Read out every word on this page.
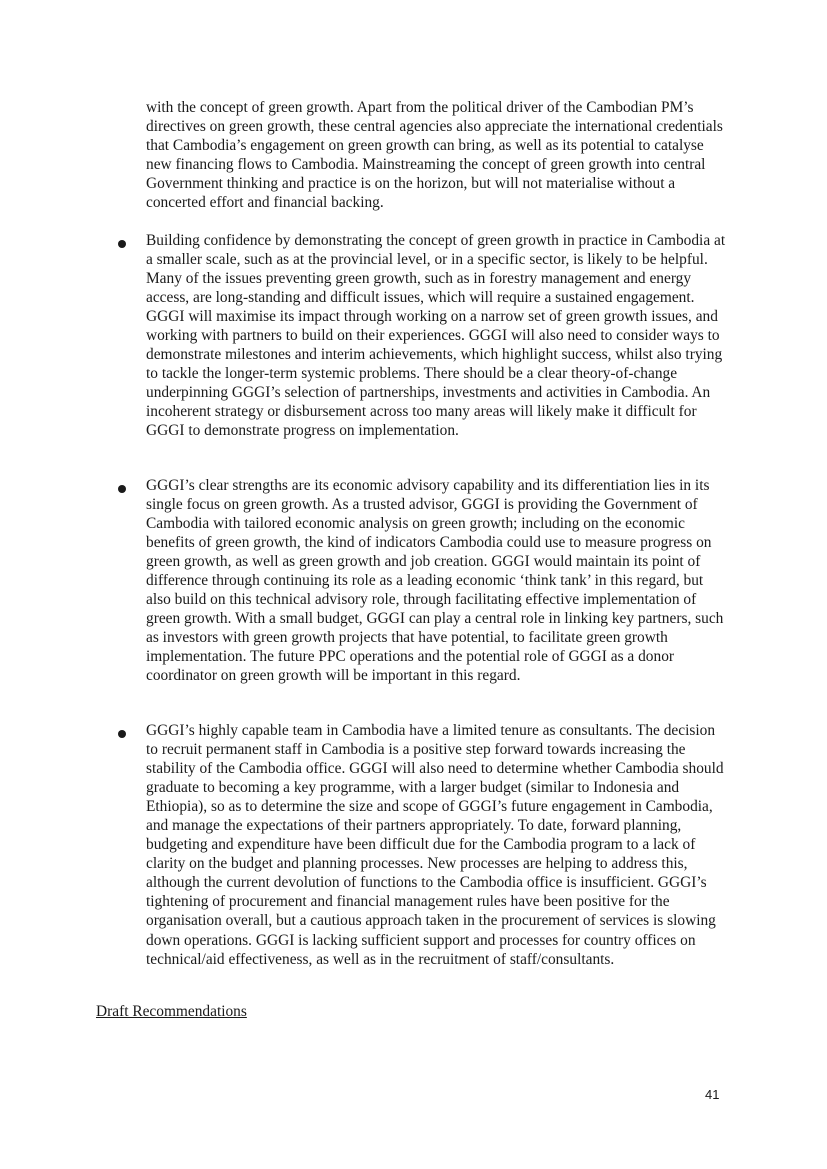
with the concept of green growth. Apart from the political driver of the Cambodian PM’s directives on green growth, these central agencies also appreciate the international credentials that Cambodia’s engagement on green growth can bring, as well as its potential to catalyse new financing flows to Cambodia. Mainstreaming the concept of green growth into central Government thinking and practice is on the horizon, but will not materialise without a concerted effort and financial backing.

Building confidence by demonstrating the concept of green growth in practice in Cambodia at a smaller scale, such as at the provincial level, or in a specific sector, is likely to be helpful. Many of the issues preventing green growth, such as in forestry management and energy access, are long-standing and difficult issues, which will require a sustained engagement. GGGI will maximise its impact through working on a narrow set of green growth issues, and working with partners to build on their experiences. GGGI will also need to consider ways to demonstrate milestones and interim achievements, which highlight success, whilst also trying to tackle the longer-term systemic problems. There should be a clear theory-of-change underpinning GGGI’s selection of partnerships, investments and activities in Cambodia. An incoherent strategy or disbursement across too many areas will likely make it difficult for GGGI to demonstrate progress on implementation.

GGGI’s clear strengths are its economic advisory capability and its differentiation lies in its single focus on green growth. As a trusted advisor, GGGI is providing the Government of Cambodia with tailored economic analysis on green growth; including on the economic benefits of green growth, the kind of indicators Cambodia could use to measure progress on green growth, as well as green growth and job creation. GGGI would maintain its point of difference through continuing its role as a leading economic ‘think tank’ in this regard, but also build on this technical advisory role, through facilitating effective implementation of green growth. With a small budget, GGGI can play a central role in linking key partners, such as investors with green growth projects that have potential, to facilitate green growth implementation. The future PPC operations and the potential role of GGGI as a donor coordinator on green growth will be important in this regard.

GGGI’s highly capable team in Cambodia have a limited tenure as consultants. The decision to recruit permanent staff in Cambodia is a positive step forward towards increasing the stability of the Cambodia office. GGGI will also need to determine whether Cambodia should graduate to becoming a key programme, with a larger budget (similar to Indonesia and Ethiopia), so as to determine the size and scope of GGGI’s future engagement in Cambodia, and manage the expectations of their partners appropriately. To date, forward planning, budgeting and expenditure have been difficult due for the Cambodia program to a lack of clarity on the budget and planning processes. New processes are helping to address this, although the current devolution of functions to the Cambodia office is insufficient. GGGI’s tightening of procurement and financial management rules have been positive for the organisation overall, but a cautious approach taken in the procurement of services is slowing down operations. GGGI is lacking sufficient support and processes for country offices on technical/aid effectiveness, as well as in the recruitment of staff/consultants.

Draft Recommendations

41
